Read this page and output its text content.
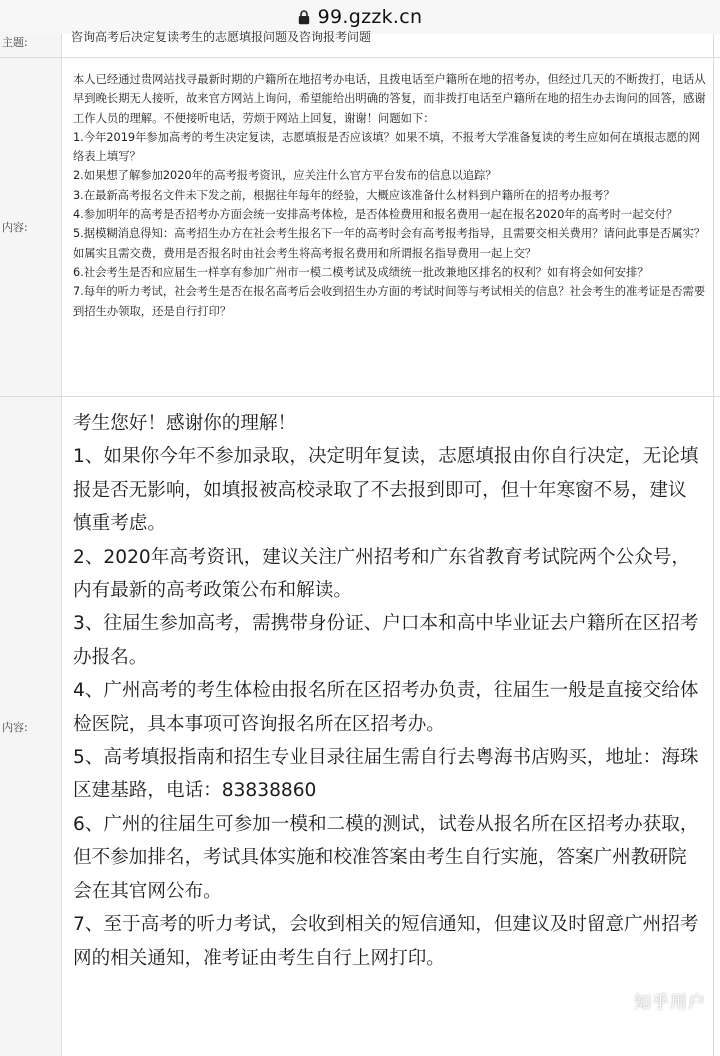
99.gzzk.cn
主题:	咨询高考后决定复读考生的志愿填报问题及咨询报考问题
内容:

本人已经通过贵网站找寻最新时期的户籍所在地招考办电话，且拨电话至户籍所在地的招考办，但经过几天的不断拨打，电话从早到晚长期无人接听，故来官方网站上询问，希望能给出明确的答复，而非拨打电话至户籍所在地的招生办去询问的回答，感谢工作人员的理解。不便接听电话，劳烦于网站上回复，谢谢！问题如下：

1.今年2019年参加高考的考生决定复读，志愿填报是否应该填？如果不填，不报考大学准备复读的考生应如何在填报志愿的网络表上填写？

2.如果想了解参加2020年的高考报考资讯，应关注什么官方平台发布的信息以追踪？

3.在最新高考报名文件未下发之前，根据往年每年的经验，大概应该准备什么材料到户籍所在的招考办报考？

4.参加明年的高考是否招考办方面会统一安排高考体检，是否体检费用和报名费用一起在报名2020年的高考时一起交付？

5.据模糊消息得知：高考招生办方在社会考生报名下一年的高考时会有高考报考指导，且需要交相关费用？请问此事是否属实？如属实且需交费，费用是否报名时由社会考生将高考报名费用和所谓报名指导费用一起上交？

6.社会考生是否和应届生一样享有参加广州市一模二模考试及成绩统一批改兼地区排名的权利？如有将会如何安排？

7.每年的听力考试，社会考生是否在报名高考后会收到招生办方面的考试时间等与考试相关的信息？社会考生的准考证是否需要到招生办领取，还是自行打印？

内容:

考生您好！感谢你的理解！

1、如果你今年不参加录取，决定明年复读，志愿填报由你自行决定，无论填报是否无影响，如填报被高校录取了不去报到即可，但十年寒窗不易，建议慎重考虑。

2、2020年高考资讯，建议关注广州招考和广东省教育考试院两个公众号，内有最新的高考政策公布和解读。

3、往届生参加高考，需携带身份证、户口本和高中毕业证去户籍所在区招考办报名。

4、广州高考的考生体检由报名所在区招考办负责，往届生一般是直接交给体检医院，具本事项可咨询报名所在区招考办。

5、高考填报指南和招生专业目录往届生需自行去粤海书店购买，地址：海珠区建基路，电话：83838860

6、广州的往届生可参加一模和二模的测试，试卷从报名所在区招考办获取，但不参加排名，考试具体实施和校准答案由考生自行实施，答案广州教研院会在其官网公布。

7、至于高考的听力考试，会收到相关的短信通知，但建议及时留意广州招考网的相关通知，准考证由考生自行上网打印。

知乎用户
